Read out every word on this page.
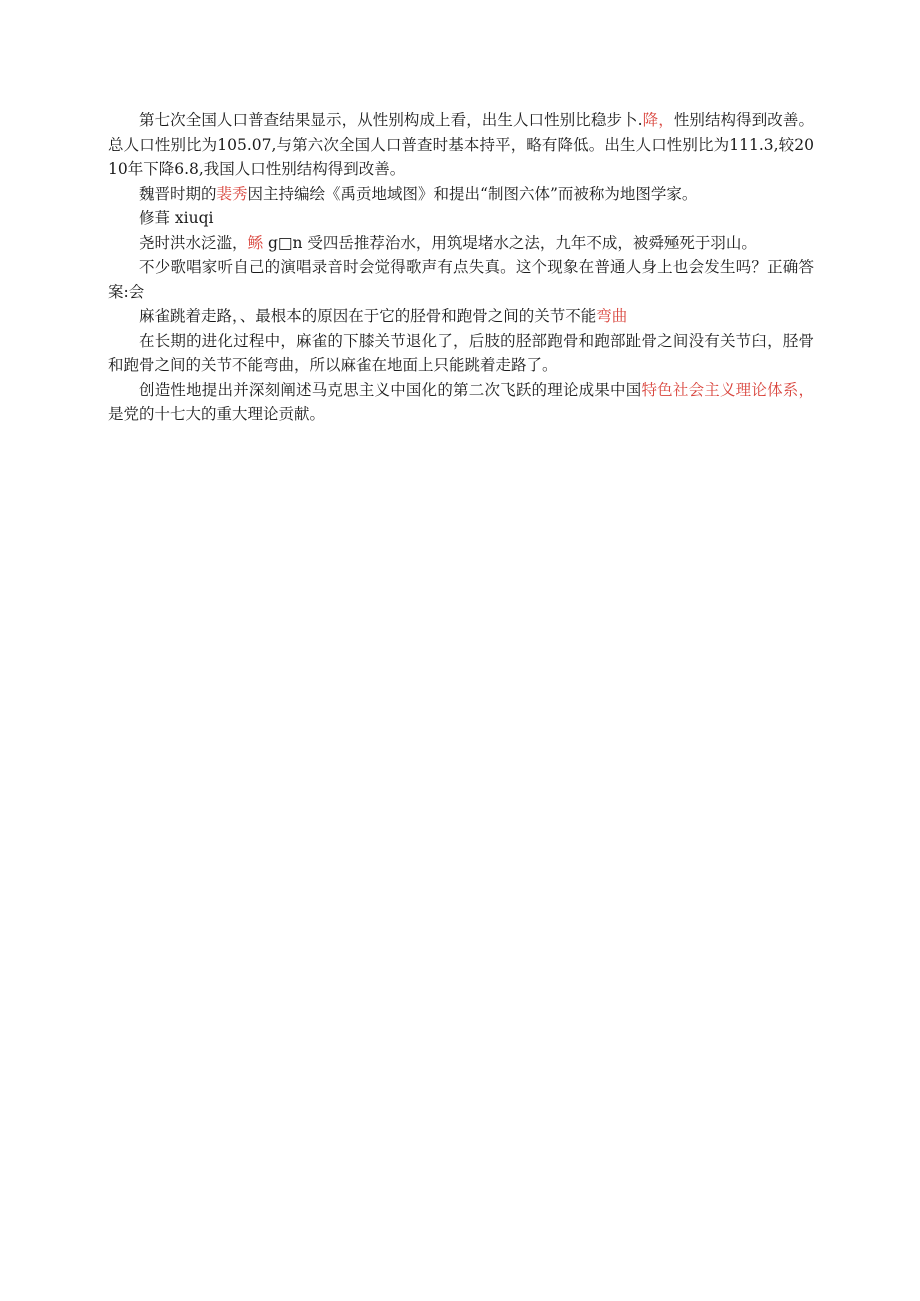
第七次全国人口普查结果显示，从性别构成上看，出生人口性别比稳步卜.降，性别结构得到改善。总人口性别比为105.07,与第六次全国人口普查时基本持平，略有降低。出生人口性别比为111.3,较2010年下降6.8,我国人口性别结构得到改善。

魏晋时期的裴秀因主持编绘《禹贡地域图》和提出“制图六体”而被称为地图学家。

修葺 xiuqi

尧时洪水泛滥，鲧 g□n 受四岳推荐治水，用筑堤堵水之法，九年不成，被舜殛死于羽山。

不少歌唱家听自己的演唱录音时会觉得歌声有点失真。这个现象在普通人身上也会发生吗？正确答案:会

麻雀跳着走路，、最根本的原因在于它的胫骨和跑骨之间的关节不能弯曲

在长期的进化过程中，麻雀的下膝关节退化了，后肢的胫部跑骨和跑部趾骨之间没有关节臼，胫骨和跑骨之间的关节不能弯曲，所以麻雀在地面上只能跳着走路了。

创造性地提出并深刻阐述马克思主义中国化的第二次飞跃的理论成果中国特色社会主义理论体系，是党的十七大的重大理论贡献。
